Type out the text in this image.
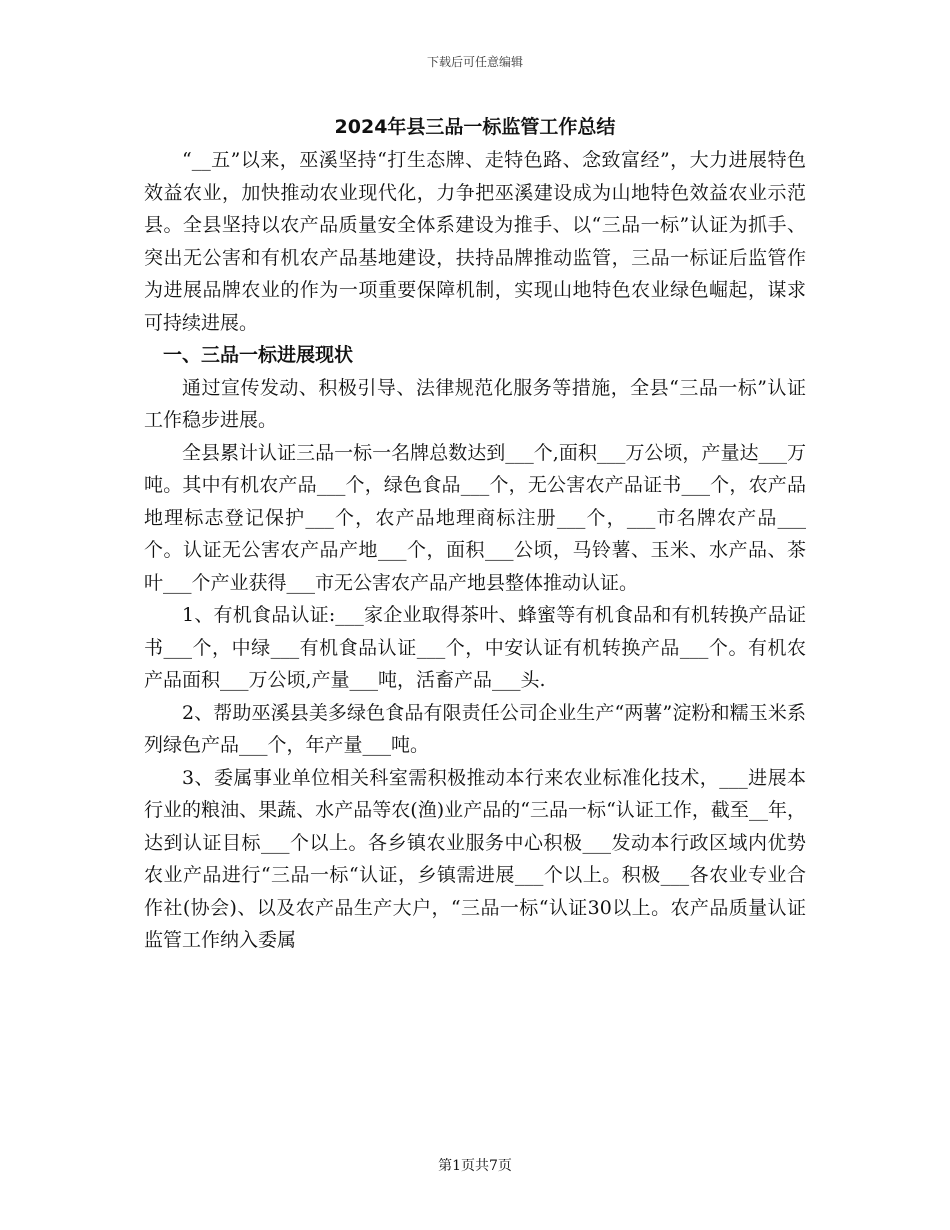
下载后可任意编辑
2024年县三品一标监管工作总结

“__五”以来，巫溪坚持“打生态牌、走特色路、念致富经”，大力进展特色效益农业，加快推动农业现代化，力争把巫溪建设成为山地特色效益农业示范县。全县坚持以农产品质量安全体系建设为推手、以“三品一标”认证为抓手、突出无公害和有机农产品基地建设，扶持品牌推动监管，三品一标证后监管作为进展品牌农业的作为一项重要保障机制，实现山地特色农业绿色崛起，谋求可持续进展。

一、三品一标进展现状

通过宣传发动、积极引导、法律规范化服务等措施，全县“三品一标”认证工作稳步进展。

全县累计认证三品一标一名牌总数达到___个,面积___万公顷，产量达___万吨。其中有机农产品___个，绿色食品___个，无公害农产品证书___个，农产品地理标志登记保护___个，农产品地理商标注册___个，___市名牌农产品___个。认证无公害农产品产地___个，面积___公顷，马铃薯、玉米、水产品、茶叶___个产业获得___市无公害农产品产地县整体推动认证。

1、有机食品认证:___家企业取得茶叶、蜂蜜等有机食品和有机转换产品证书___个，中绿___有机食品认证___个，中安认证有机转换产品___个。有机农产品面积___万公顷,产量___吨，活畜产品___头.

2、帮助巫溪县美多绿色食品有限责任公司企业生产“两薯”淀粉和糯玉米系列绿色产品___个，年产量___吨。

3、委属事业单位相关科室需积极推动本行来农业标准化技术，___进展本行业的粮油、果蔬、水产品等农(渔)业产品的“三品一标“认证工作，截至__年，达到认证目标___个以上。各乡镇农业服务中心积极___发动本行政区域内优势农业产品进行“三品一标“认证，乡镇需进展___个以上。积极___各农业专业合作社(协会)、以及农产品生产大户，“三品一标“认证30以上。农产品质量认证监管工作纳入委属

第1页共7页
